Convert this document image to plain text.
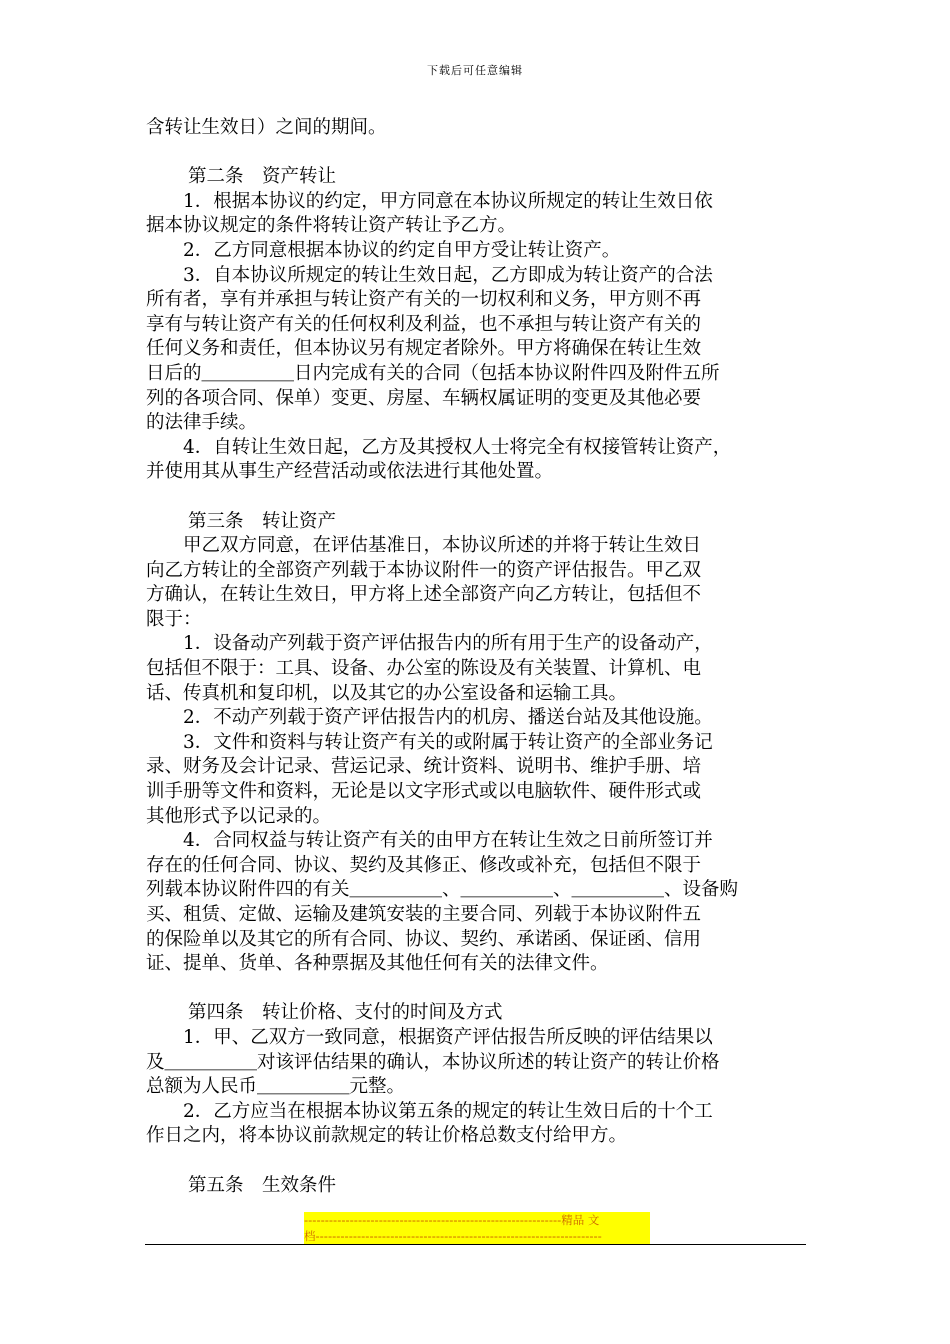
下载后可任意编辑

含转让生效日）之间的期间。

第二条　资产转让

　　1．根据本协议的约定，甲方同意在本协议所规定的转让生效日依

据本协议规定的条件将转让资产转让予乙方。

　　2．乙方同意根据本协议的约定自甲方受让转让资产。

　　3．自本协议所规定的转让生效日起，乙方即成为转让资产的合法

所有者，享有并承担与转让资产有关的一切权利和义务，甲方则不再

享有与转让资产有关的任何权利及利益，也不承担与转让资产有关的

任何义务和责任，但本协议另有规定者除外。甲方将确保在转让生效

日后的＿＿＿＿＿日内完成有关的合同（包括本协议附件四及附件五所

列的各项合同、保单）变更、房屋、车辆权属证明的变更及其他必要

的法律手续。

　　4．自转让生效日起，乙方及其授权人士将完全有权接管转让资产，

并使用其从事生产经营活动或依法进行其他处置。

第三条　转让资产

　　甲乙双方同意，在评估基准日，本协议所述的并将于转让生效日

向乙方转让的全部资产列载于本协议附件一的资产评估报告。甲乙双

方确认，在转让生效日，甲方将上述全部资产向乙方转让，包括但不

限于：

　　1．设备动产列载于资产评估报告内的所有用于生产的设备动产，

包括但不限于：工具、设备、办公室的陈设及有关装置、计算机、电

话、传真机和复印机，以及其它的办公室设备和运输工具。

　　2．不动产列载于资产评估报告内的机房、播送台站及其他设施。

　　3．文件和资料与转让资产有关的或附属于转让资产的全部业务记

录、财务及会计记录、营运记录、统计资料、说明书、维护手册、培

训手册等文件和资料，无论是以文字形式或以电脑软件、硬件形式或

其他形式予以记录的。

　　4．合同权益与转让资产有关的由甲方在转让生效之日前所签订并

存在的任何合同、协议、契约及其修正、修改或补充，包括但不限于

列载本协议附件四的有关＿＿＿＿＿、＿＿＿＿＿、＿＿＿＿＿、设备购

买、租赁、定做、运输及建筑安装的主要合同、列载于本协议附件五

的保险单以及其它的所有合同、协议、契约、承诺函、保证函、信用

证、提单、货单、各种票据及其他任何有关的法律文件。

第四条　转让价格、支付的时间及方式

　　1．甲、乙双方一致同意，根据资产评估报告所反映的评估结果以

及＿＿＿＿＿对该评估结果的确认，本协议所述的转让资产的转让价格

总额为人民币＿＿＿＿＿元整。

　　2．乙方应当在根据本协议第五条的规定的转让生效日后的十个工

作日之内，将本协议前款规定的转让价格总数支付给甲方。

第五条　生效条件

--------------------------------------------------------------精品 文
档---------------------------------------------------------------------
